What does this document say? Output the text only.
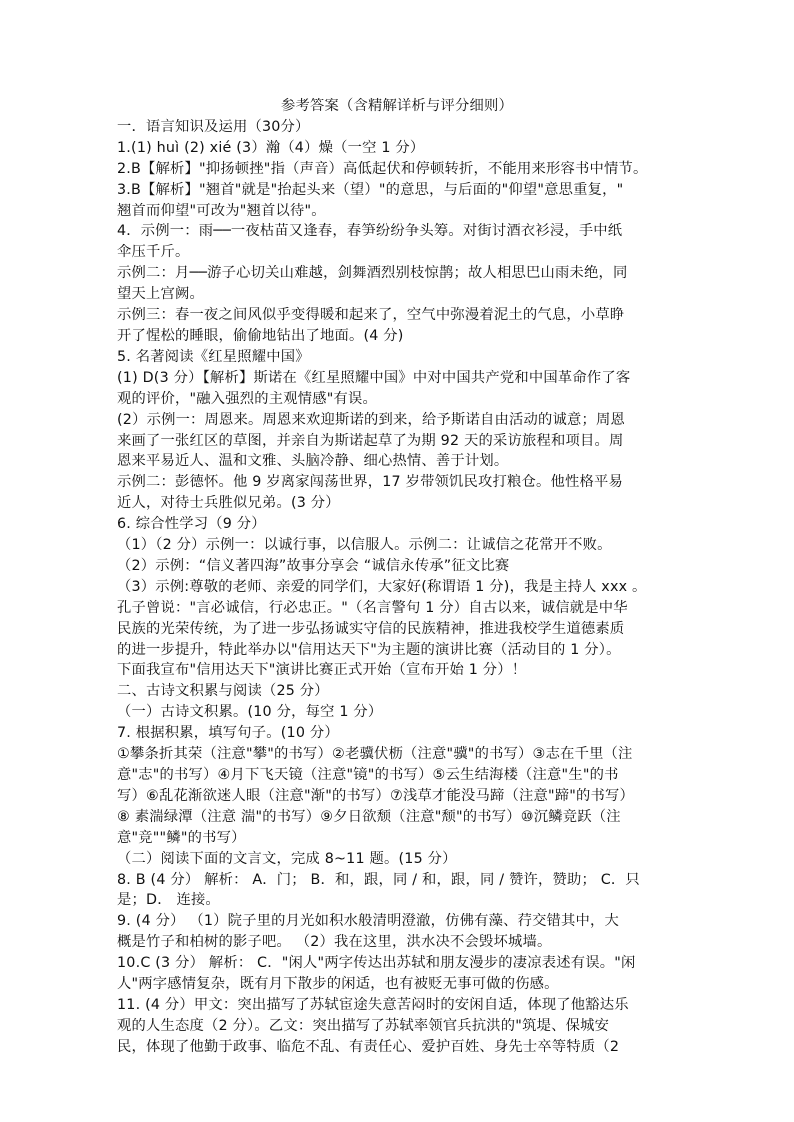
参考答案（含精解详析与评分细则）
一．语言知识及运用（30分）
1.(1) huì (2) xié (3）瀚（4）燥（一空 1 分）
2.B【解析】"抑扬顿挫"指（声音）高低起伏和停顿转折，不能用来形容书中情节。
3.B【解析】"翘首"就是"抬起头来（望）"的意思，与后面的"仰望"意思重复，"
翘首而仰望"可改为"翘首以待"。
4．示例一：雨──一夜枯苗又逢春，春笋纷纷争头筹。对街讨酒衣衫浸，手中纸
伞压千斤。
示例二：月──游子心切关山难越，剑舞酒烈别枝惊鹊；故人相思巴山雨未绝，同
望天上宫阙。
示例三：春一夜之间风似乎变得暖和起来了，空气中弥漫着泥土的气息，小草睁
开了惺松的睡眼，偷偷地钻出了地面。(4 分)
5. 名著阅读《红星照耀中国》
(1) D(3 分）【解析】斯诺在《红星照耀中国》中对中国共产党和中国革命作了客
观的评价，"融入强烈的主观情感"有误。
(2）示例一：周恩来。周恩来欢迎斯诺的到来，给予斯诺自由活动的诚意；周恩
来画了一张红区的草图，并亲自为斯诺起草了为期 92 天的采访旅程和项目。周
恩来平易近人、温和文雅、头脑冷静、细心热情、善于计划。
示例二：彭德怀。他 9 岁离家闯荡世界，17 岁带领饥民攻打粮仓。他性格平易
近人，对待士兵胜似兄弟。(3 分）
6. 综合性学习（9 分）
（1）（2 分）示例一：以诚行事，以信服人。示例二：让诚信之花常开不败。
（2）示例：“信义著四海”故事分享会 “诚信永传承”征文比赛
（3）示例:尊敬的老师、亲爱的同学们，大家好(称谓语 1 分)，我是主持人 xxx 。
孔子曾说："言必诚信，行必忠正。"（名言警句 1 分）自古以来，诚信就是中华
民族的光荣传统，为了进一步弘扬诚实守信的民族精神，推进我校学生道德素质
的进一步提升，特此举办以"信用达天下"为主题的演讲比赛（活动目的 1 分）。
下面我宣布"信用达天下"演讲比赛正式开始（宣布开始 1 分）！
二、古诗文积累与阅读（25 分）
（一）古诗文积累。(10 分，每空 1 分）
7. 根据积累，填写句子。(10 分）
①攀条折其荣（注意"攀"的书写）②老骥伏枥（注意"骥"的书写）③志在千里（注
意"志"的书写）④月下飞天镜（注意"镜"的书写）⑤云生结海楼（注意"生"的书
写）⑥乱花渐欲迷人眼（注意"渐"的书写）⑦浅草才能没马蹄（注意"蹄"的书写）
⑧ 素湍绿潭（注意 湍"的书写）⑨夕日欲颓（注意"颓"的书写）⑩沉鳞竞跃（注
意"竞""鳞"的书写）
（二）阅读下面的文言文，完成 8~11 题。(15 分）
8. B (4 分） 解析： A．门； B．和，跟，同 / 和，跟，同 / 赞许，赞助； C．只
是；D． 连接。
9. (4 分） （1）院子里的月光如积水般清明澄澈，仿佛有藻、荇交错其中，大
概是竹子和柏树的影子吧。 （2）我在这里，洪水决不会毁坏城墙。
10.C (3 分） 解析： C．"闲人"两字传达出苏轼和朋友漫步的凄凉表述有误。"闲
人"两字感情复杂，既有月下散步的闲适，也有被贬无事可做的伤感。
11. (4 分）甲文：突出描写了苏轼宦途失意苦闷时的安闲自适，体现了他豁达乐
观的人生态度（2 分）。乙文：突出描写了苏轼率领官兵抗洪的"筑堤、保城安
民，体现了他勤于政事、临危不乱、有责任心、爱护百姓、身先士卒等特质（2
